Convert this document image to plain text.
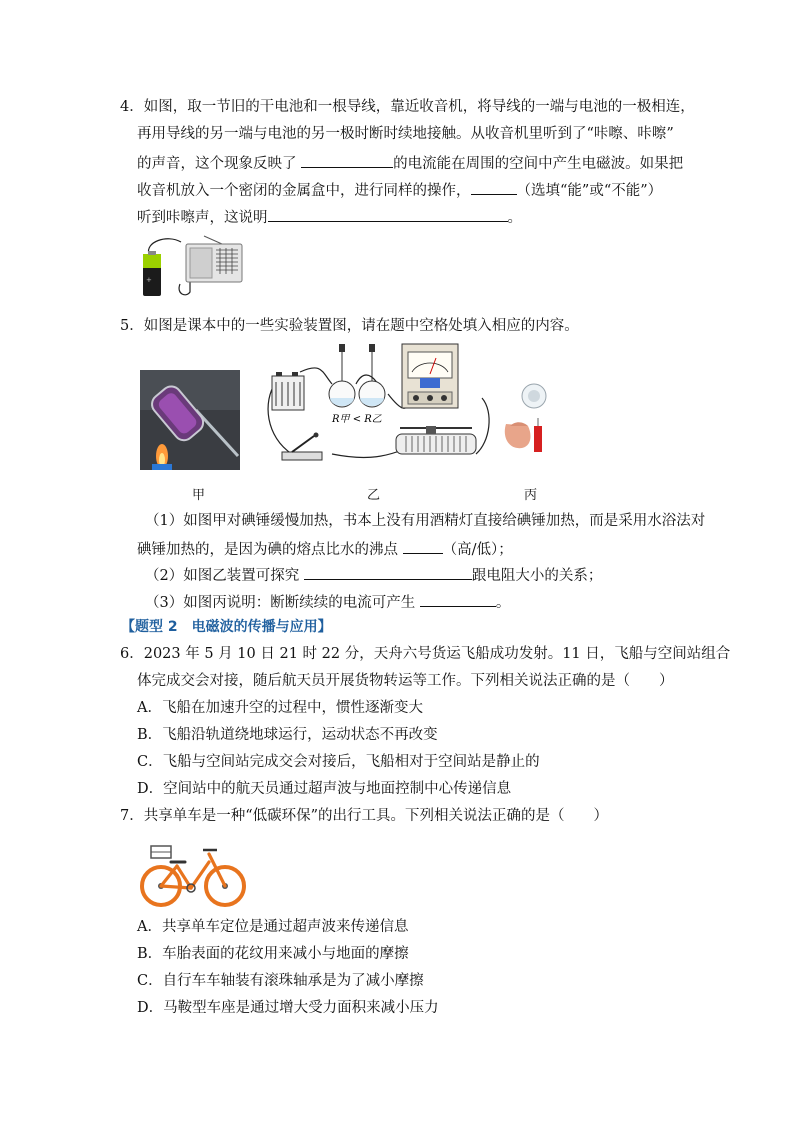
4．如图，取一节旧的干电池和一根导线，靠近收音机，将导线的一端与电池的一极相连，
再用导线的另一端与电池的另一极时断时续地接触。从收音机里听到了“咔嚓、咔嚓”
的声音，这个现象反映了	的电流能在周围的空间中产生电磁波。如果把
收音机放入一个密闭的金属盒中，进行同样的操作，	（选填“能”或“不能”）
听到咔嚓声，这说明	。
+
5．如图是课本中的一些实验装置图，请在题中空格处填入相应的内容。
甲
R甲 < R乙
乙	丙
（1）如图甲对碘锤缓慢加热，书本上没有用酒精灯直接给碘锤加热，而是采用水浴法对
碘锤加热的，是因为碘的熔点比水的沸点	（高/低）；
（2）如图乙装置可探究	跟电阻大小的关系；
（3）如图丙说明：断断续续的电流可产生	。
【题型 2　电磁波的传播与应用】
6．2023 年 5 月 10 日 21 时 22 分，天舟六号货运飞船成功发射。11 日，飞船与空间站组合
体完成交会对接，随后航天员开展货物转运等工作。下列相关说法正确的是（　　）
A．飞船在加速升空的过程中，惯性逐渐变大
B．飞船沿轨道绕地球运行，运动状态不再改变
C．飞船与空间站完成交会对接后，飞船相对于空间站是静止的
D．空间站中的航天员通过超声波与地面控制中心传递信息
7．共享单车是一种“低碳环保”的出行工具。下列相关说法正确的是（　　）
A．共享单车定位是通过超声波来传递信息
B．车胎表面的花纹用来减小与地面的摩擦
C．自行车车轴装有滚珠轴承是为了减小摩擦
D．马鞍型车座是通过增大受力面积来减小压力
